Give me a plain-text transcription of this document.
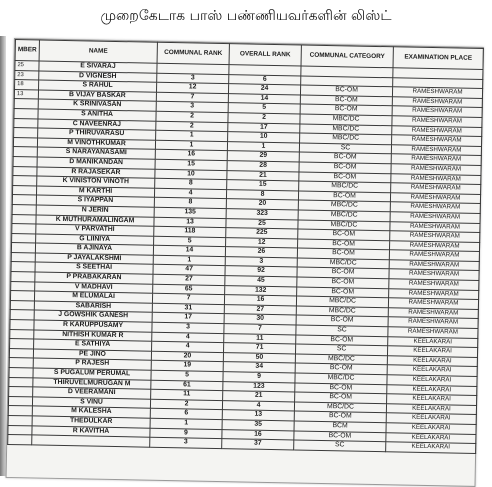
முறைகேடாக பாஸ் பண்ணியவர்களின் லிஸ்ட்
MBER	NAME	COMMUNAL RANK	OVERALL RANK	COMMUNAL CATEGORY	EXAMINATION PLACE
25	E SIVARAJ				
23	D VIGNESH	3	6		
18	S RAHUL	12	24	BC-OM	RAMESHWARAM
13	B VIJAY BASKAR	7	14	BC-OM	RAMESHWARAM
	K SRINIVASAN	3	5	BC-OM	RAMESHWARAM
	S ANITHA	2	2	MBC/DC	RAMESHWARAM
	C NAVEENRAJ	2	17	MBC/DC	RAMESHWARAM
	P THIRUVARASU	1	10	MBC/DC	RAMESHWARAM
	M VINOTHKUMAR	1	1	SC	RAMESHWARAM
	S NARAYANASAMI	16	29	BC-OM	RAMESHWARAM
	D MANIKANDAN	15	28	BC-OM	RAMESHWARAM
	R RAJASEKAR	10	21	BC-OM	RAMESHWARAM
	K VINISTON VINOTH	8	15	MBC/DC	RAMESHWARAM
	M KARTHI	4	8	BC-OM	RAMESHWARAM
	S IYAPPAN	8	20	MBC/DC	RAMESHWARAM
	N JERIN	135	323	MBC/DC	RAMESHWARAM
	K MUTHURAMALINGAM	13	25	MBC/DC	RAMESHWARAM
	V PARVATHI	118	225	BC-OM	RAMESHWARAM
	G LIINIYA	5	12	BC-OM	RAMESHWARAM
	B AJINAYA	14	26	BC-OM	RAMESHWARAM
	P JAYALAKSHMI	1	3	MBC/DC	RAMESHWARAM
	S SEETHAI	47	92	BC-OM	RAMESHWARAM
	P PRABAKARAN	27	45	BC-OM	RAMESHWARAM
	V MADHAVI	65	132	BC-OM	RAMESHWARAM
	M ELUMALAI	7	16	MBC/DC	RAMESHWARAM
	SABARISH	31	27	MBC/DC	RAMESHWARAM
	J GOWSHIK GANESH	17	30	BC-OM	RAMESHWARAM
	R KARUPPUSAMY	3	7	SC	RAMESHWARAM
	NITHISH KUMAR R	4	11	BC-OM	KEELAKARAI
	E SATHIYA	4	71	SC	KEELAKARAI
	PE JINO	20	50	MBC/DC	KEELAKARAI
	P RAJESH	19	34	BC-OM	KEELAKARAI
	S PUGALUM PERUMAL	5	9	MBC/DC	KEELAKARAI
	THIRUVELMURUGAN M	61	123	BC-OM	KEELAKARAI
	D VEERAMANI	11	21	BC-OM	KEELAKARAI
	S VINU	2	4	MBC/DC	KEELAKARAI
	M KALESHA	6	13	BC-OM	KEELAKARAI
	THEDULKAR	1	35	BCM	KEELAKARAI
	R KAVITHA	9	16	BC-OM	KEELAKARAI
		3	37	SC	KEELAKARAI
